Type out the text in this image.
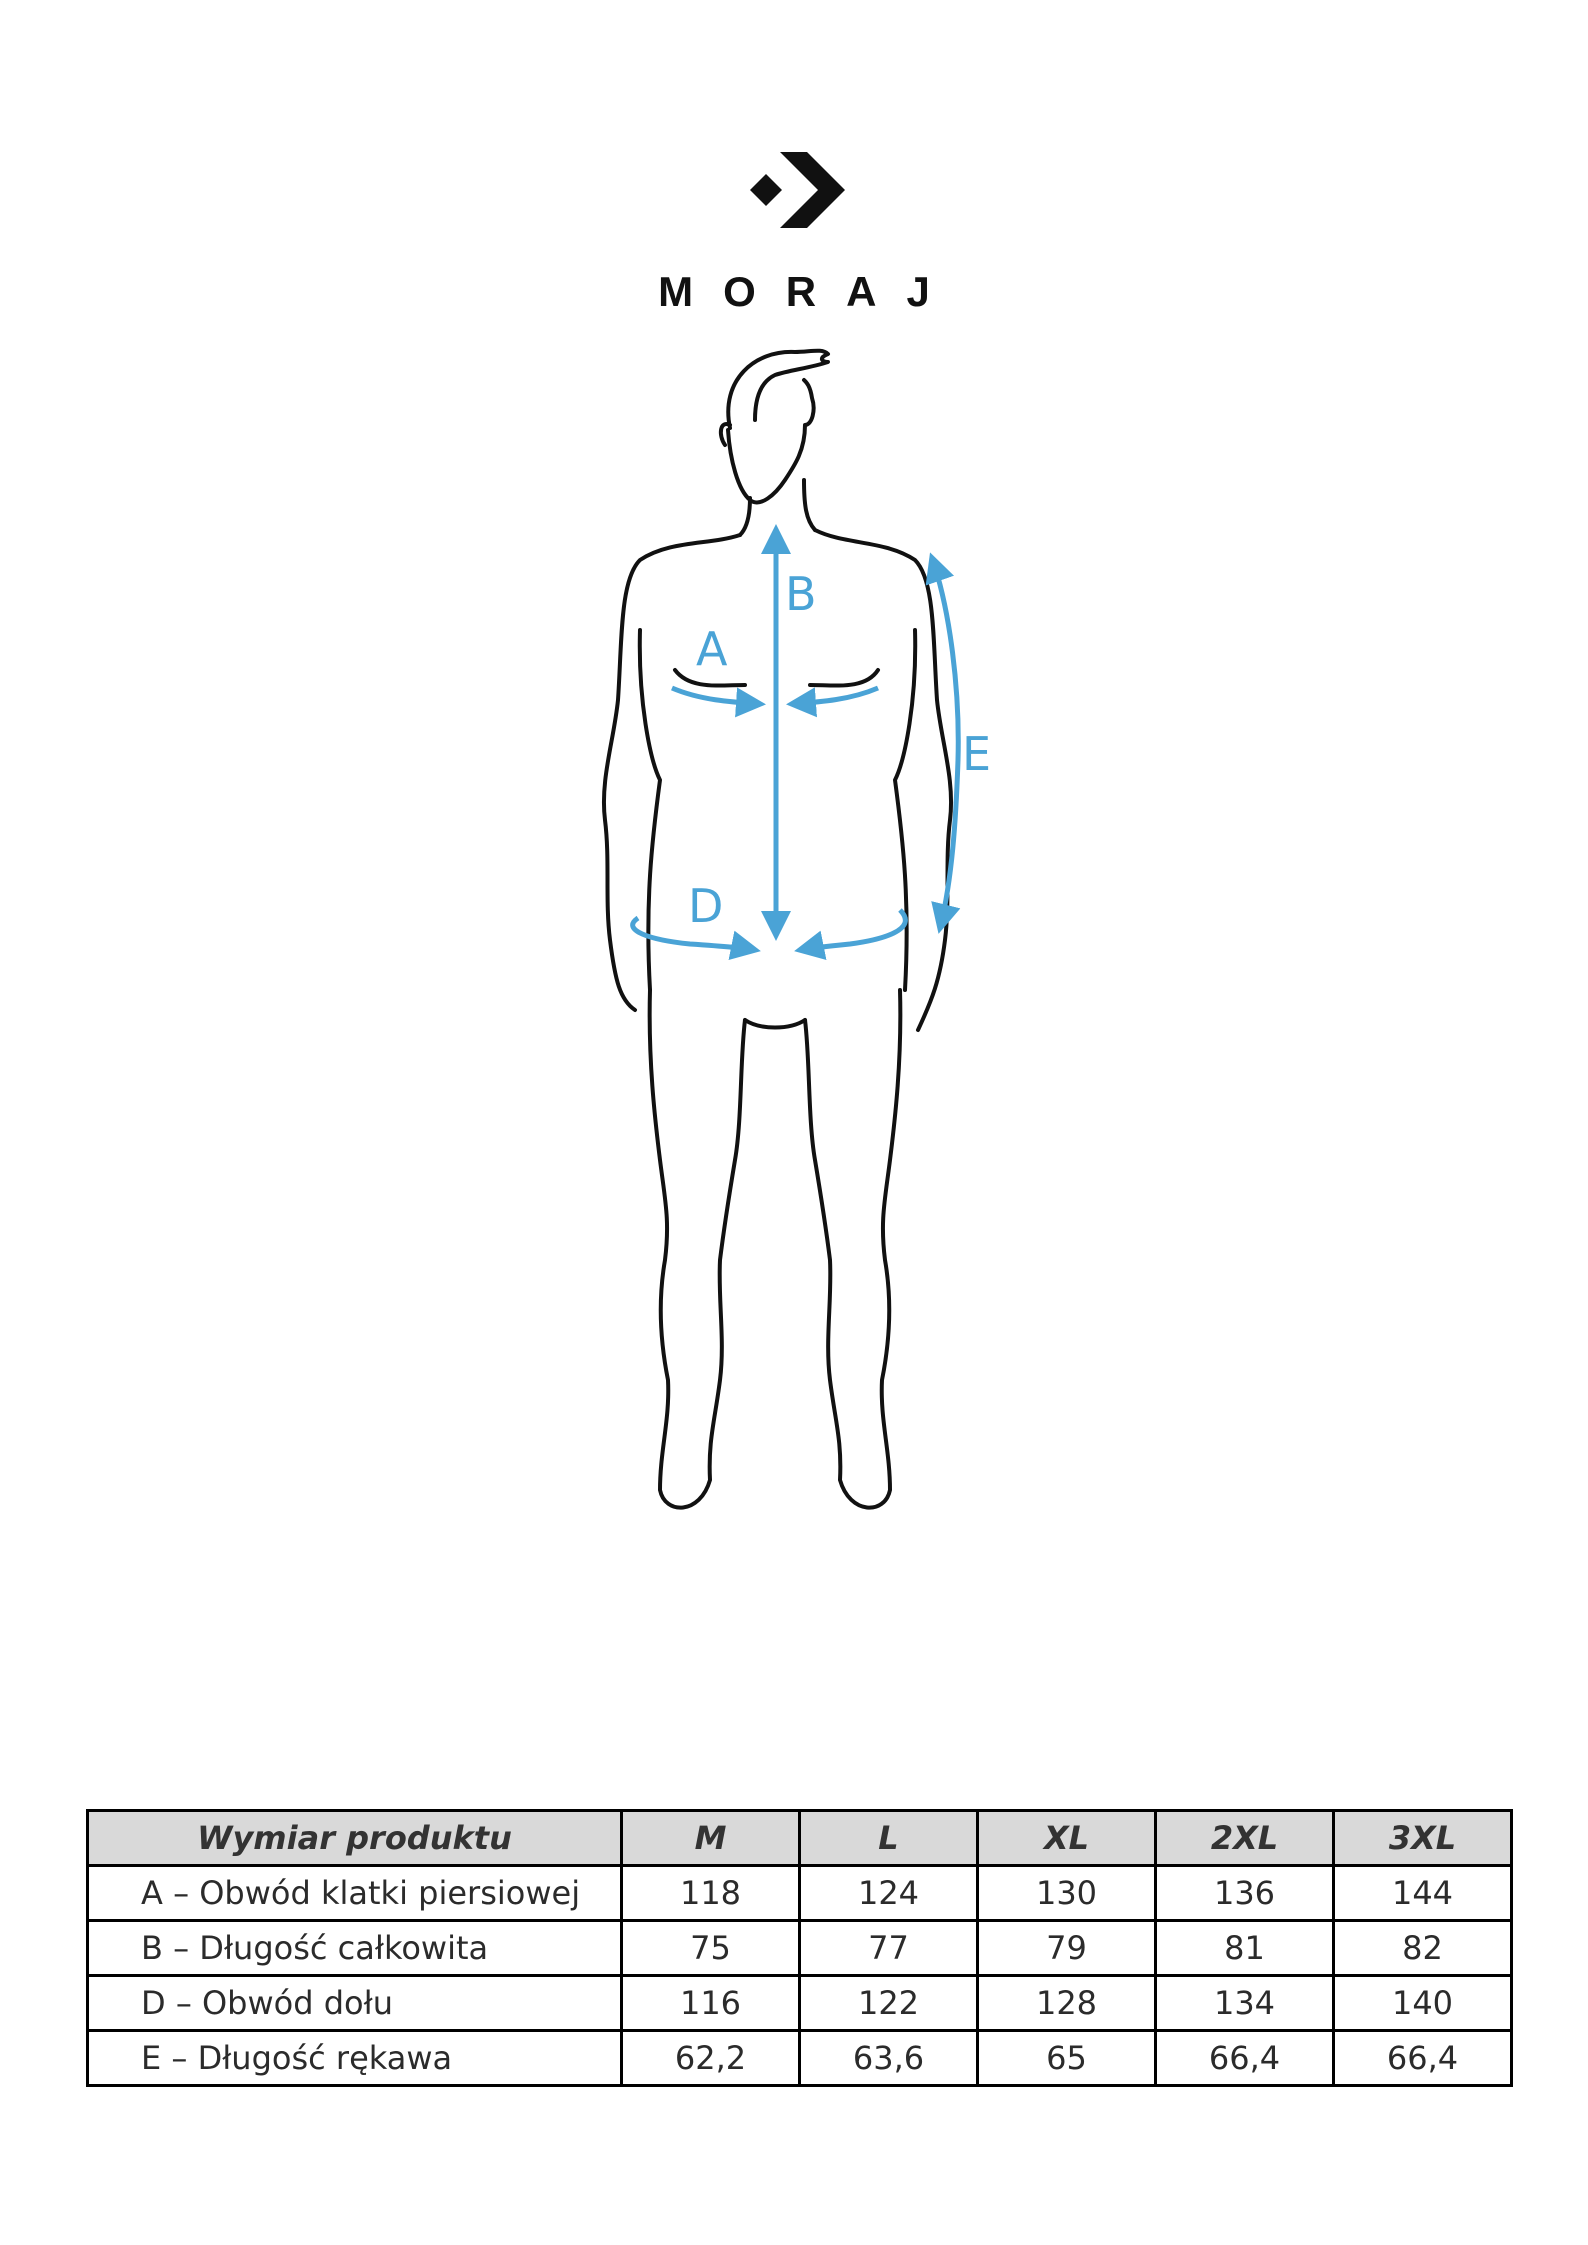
MORAJ
B
A
E
D
Wymiar produktu	M	L	XL	2XL	3XL
A – Obwód klatki piersiowej	118	124	130	136	144
B – Długość całkowita	75	77	79	81	82
D – Obwód dołu	116	122	128	134	140
E – Długość rękawa	62,2	63,6	65	66,4	66,4
